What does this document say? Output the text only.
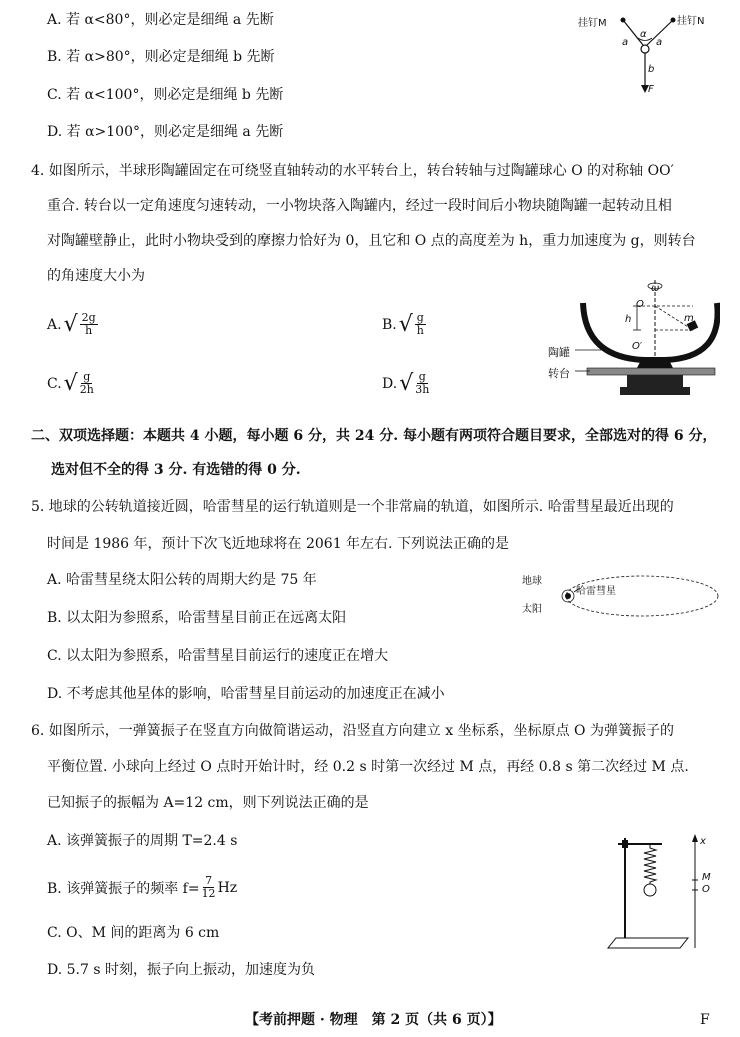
A. 若 α<80°，则必定是细绳 a 先断
B. 若 α>80°，则必定是细绳 b 先断
C. 若 α<100°，则必定是细绳 b 先断
D. 若 α>100°，则必定是细绳 a 先断
挂钉M	挂钉N
a
α
a
b
F
4. 如图所示，半球形陶罐固定在可绕竖直轴转动的水平转台上，转台转轴与过陶罐球心 O 的对称轴 OO′
重合. 转台以一定角速度匀速转动，一小物块落入陶罐内，经过一段时间后小物块随陶罐一起转动且相
对陶罐壁静止，此时小物块受到的摩擦力恰好为 0，且它和 O 点的高度差为 h，重力加速度为 g，则转台
的角速度大小为
A. √ $\frac{2g}{h}$	B. √ $\frac{g}{h}$
C. √ $\frac{g}{2h}$	D. √ $\frac{g}{3h}$
ω
O
h	m
O′
陶罐
转台
二、双项选择题：本题共 4 小题，每小题 6 分，共 24 分. 每小题有两项符合题目要求，全部选对的得 6 分，
选对但不全的得 3 分. 有选错的得 0 分.
5. 地球的公转轨道接近圆，哈雷彗星的运行轨道则是一个非常扁的轨道，如图所示. 哈雷彗星最近出现的
时间是 1986 年，预计下次飞近地球将在 2061 年左右. 下列说法正确的是
A. 哈雷彗星绕太阳公转的周期大约是 75 年
B. 以太阳为参照系，哈雷彗星目前正在远离太阳
C. 以太阳为参照系，哈雷彗星目前运行的速度正在增大
D. 不考虑其他星体的影响，哈雷彗星目前运动的加速度正在减小
地球
太阳
哈雷彗星
6. 如图所示，一弹簧振子在竖直方向做简谐运动，沿竖直方向建立 x 坐标系，坐标原点 O 为弹簧振子的
平衡位置. 小球向上经过 O 点时开始计时，经 0.2 s 时第一次经过 M 点，再经 0.8 s 第二次经过 M 点.
已知振子的振幅为 A=12 cm，则下列说法正确的是
A. 该弹簧振子的周期 T=2.4 s
B. 该弹簧振子的频率 $f= \frac{7}{12}$ Hz
C. O、M 间的距离为 6 cm
D. 5.7 s 时刻，振子向上振动，加速度为负
x
M
O
【考前押题 · 物理　第 2 页（共 6 页）】	F
